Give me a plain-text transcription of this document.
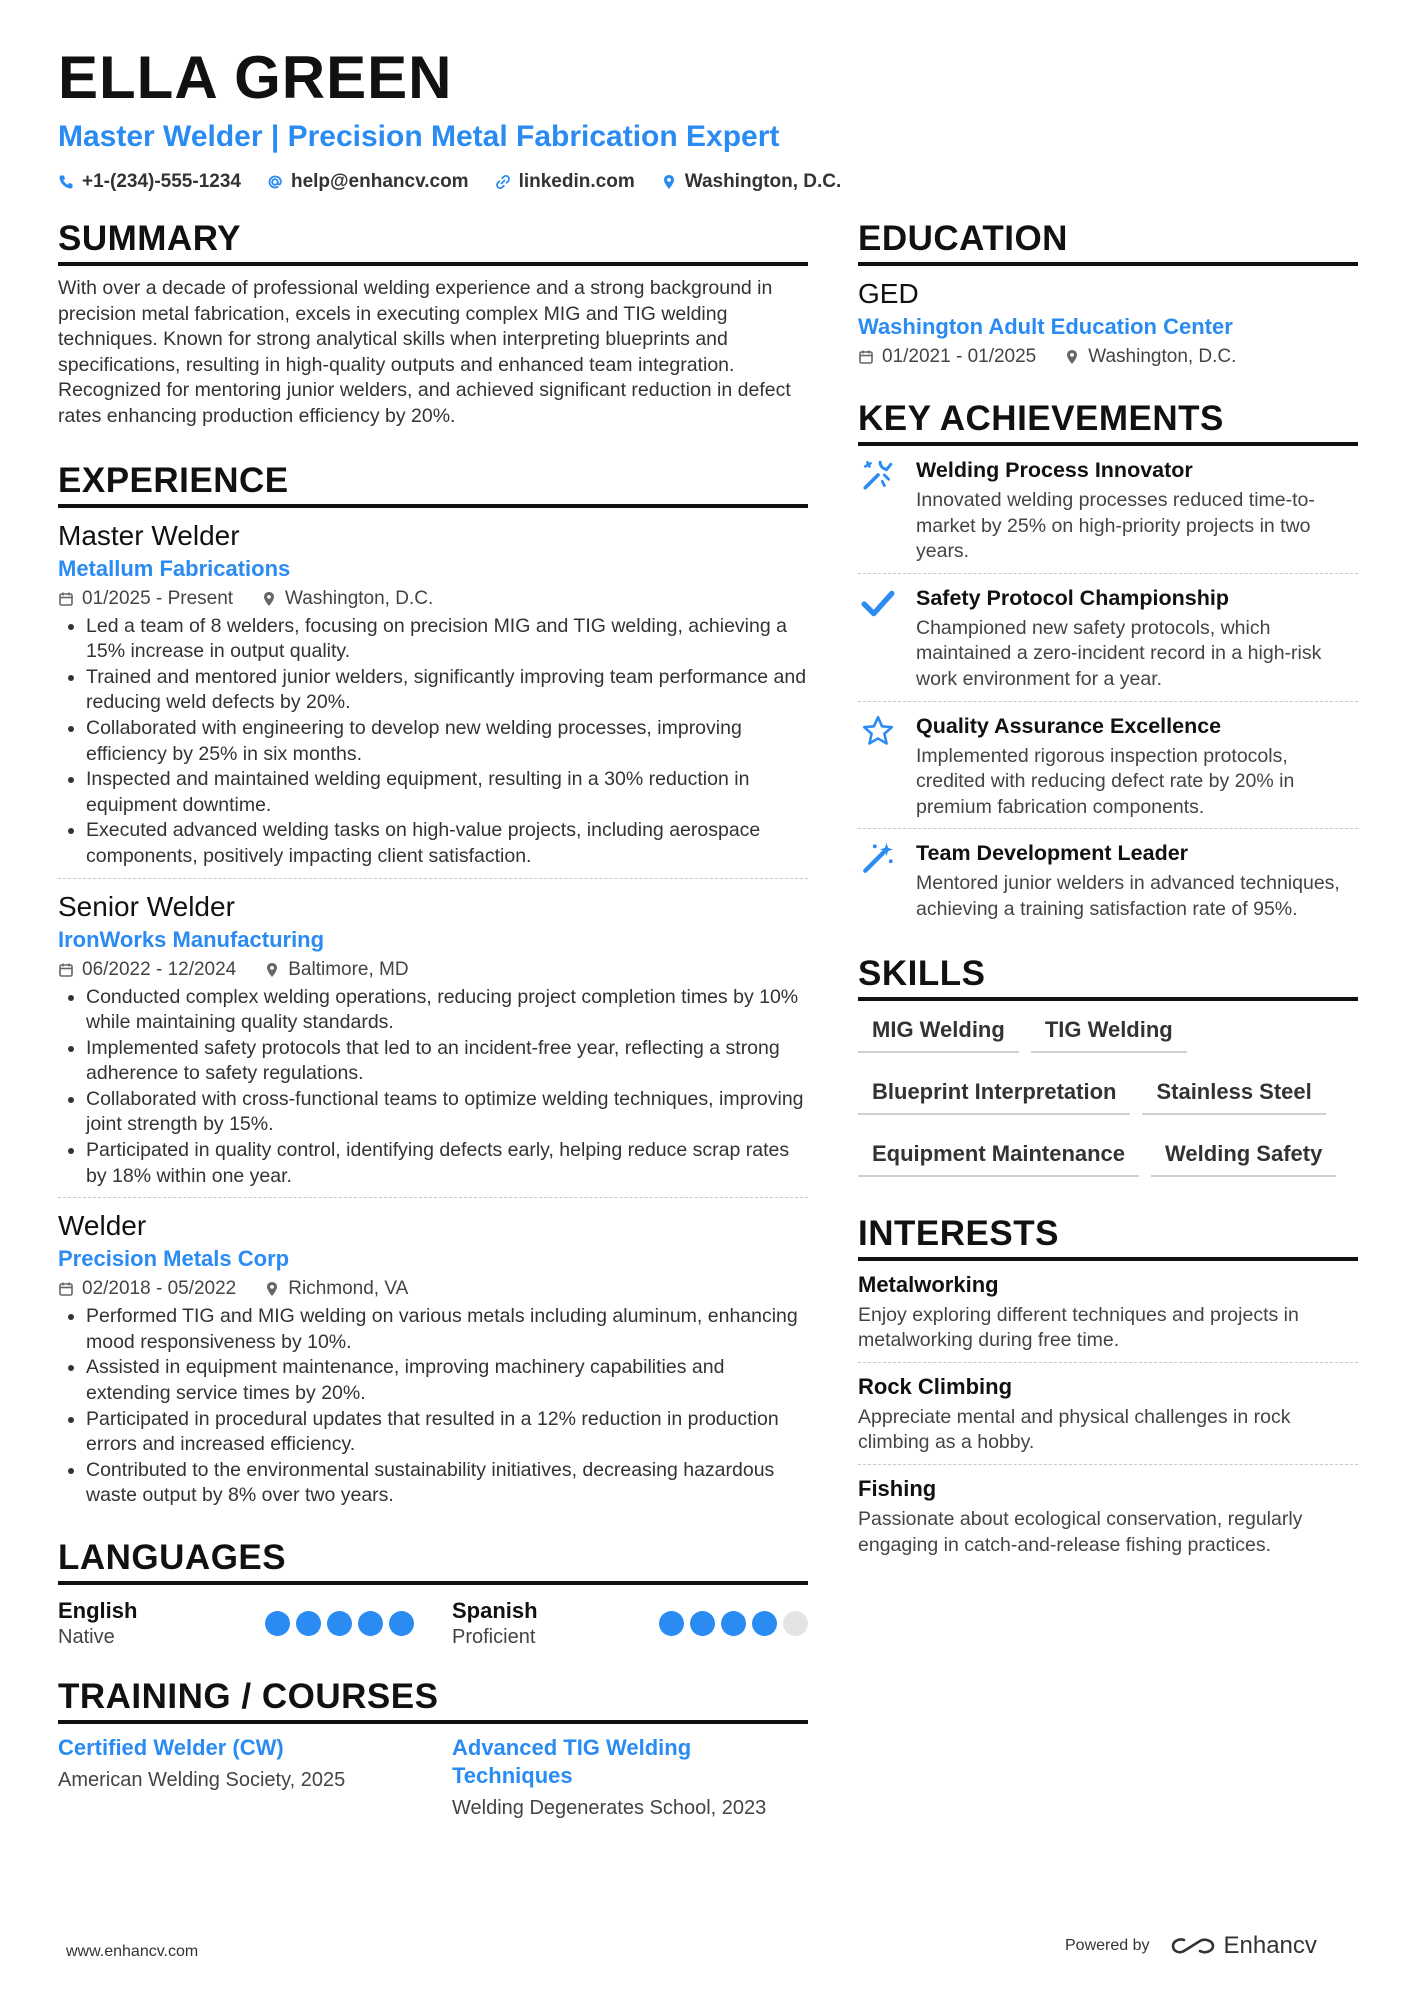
ELLA GREEN
Master Welder | Precision Metal Fabrication Expert
+1-(234)-555-1234	help@enhancv.com	linkedin.com	Washington, D.C.
SUMMARY
With over a decade of professional welding experience and a strong background in precision metal fabrication, excels in executing complex MIG and TIG welding techniques. Known for strong analytical skills when interpreting blueprints and specifications, resulting in high-quality outputs and enhanced team integration. Recognized for mentoring junior welders, and achieved significant reduction in defect rates enhancing production efficiency by 20%.
EXPERIENCE
Master Welder
Metallum Fabrications
01/2025 - Present	Washington, D.C.
• Led a team of 8 welders, focusing on precision MIG and TIG welding, achieving a 15% increase in output quality.
• Trained and mentored junior welders, significantly improving team performance and reducing weld defects by 20%.
• Collaborated with engineering to develop new welding processes, improving efficiency by 25% in six months.
• Inspected and maintained welding equipment, resulting in a 30% reduction in equipment downtime.
• Executed advanced welding tasks on high-value projects, including aerospace components, positively impacting client satisfaction.
Senior Welder
IronWorks Manufacturing
06/2022 - 12/2024	Baltimore, MD
• Conducted complex welding operations, reducing project completion times by 10% while maintaining quality standards.
• Implemented safety protocols that led to an incident-free year, reflecting a strong adherence to safety regulations.
• Collaborated with cross-functional teams to optimize welding techniques, improving joint strength by 15%.
• Participated in quality control, identifying defects early, helping reduce scrap rates by 18% within one year.
Welder
Precision Metals Corp
02/2018 - 05/2022	Richmond, VA
• Performed TIG and MIG welding on various metals including aluminum, enhancing mood responsiveness by 10%.
• Assisted in equipment maintenance, improving machinery capabilities and extending service times by 20%.
• Participated in procedural updates that resulted in a 12% reduction in production errors and increased efficiency.
• Contributed to the environmental sustainability initiatives, decreasing hazardous waste output by 8% over two years.
LANGUAGES
English
Native
Spanish
Proficient
TRAINING / COURSES
Certified Welder (CW)
American Welding Society, 2025
Advanced TIG Welding Techniques
Welding Degenerates School, 2023
EDUCATION
GED
Washington Adult Education Center
01/2021 - 01/2025	Washington, D.C.
KEY ACHIEVEMENTS
Welding Process Innovator
Innovated welding processes reduced time-to-market by 25% on high-priority projects in two years.
Safety Protocol Championship
Championed new safety protocols, which maintained a zero-incident record in a high-risk work environment for a year.
Quality Assurance Excellence
Implemented rigorous inspection protocols, credited with reducing defect rate by 20% in premium fabrication components.
Team Development Leader
Mentored junior welders in advanced techniques, achieving a training satisfaction rate of 95%.
SKILLS
MIG Welding	TIG Welding
Blueprint Interpretation	Stainless Steel
Equipment Maintenance	Welding Safety
INTERESTS
Metalworking
Enjoy exploring different techniques and projects in metalworking during free time.
Rock Climbing
Appreciate mental and physical challenges in rock climbing as a hobby.
Fishing
Passionate about ecological conservation, regularly engaging in catch-and-release fishing practices.
www.enhancv.com	Powered by	Enhancv
